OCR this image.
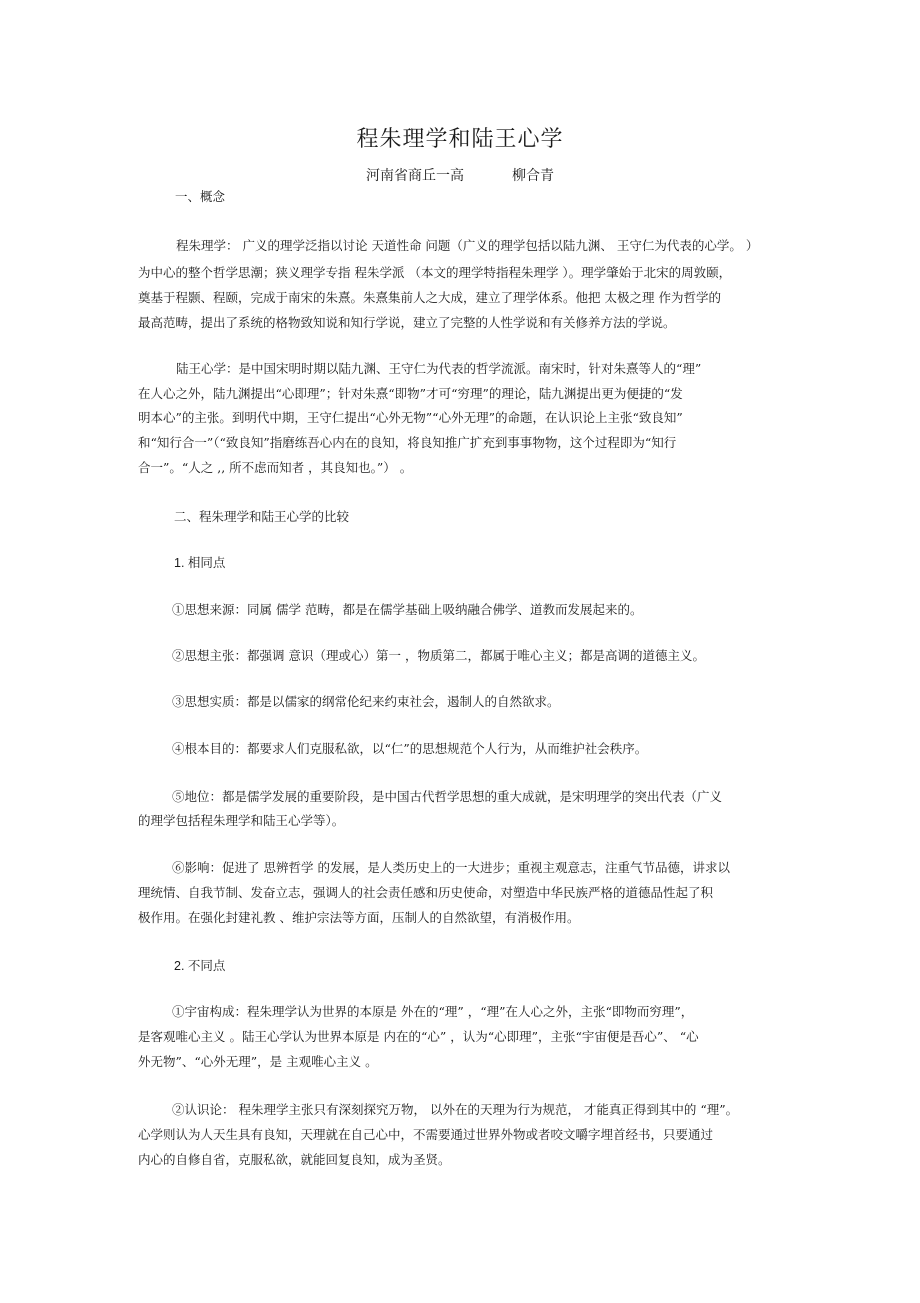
程朱理学和陆王心学
河南省商丘一高	柳合青
一、概念
程朱理学： 广义的理学泛指以讨论 天道性命 问题（广义的理学包括以陆九渊、 王守仁为代表的心学。 ）
为中心的整个哲学思潮；狭义理学专指 程朱学派 （本文的理学特指程朱理学 ）。理学肇始于北宋的周敦颐，
奠基于程颢、程颐，完成于南宋的朱熹。朱熹集前人之大成，建立了理学体系。他把 太极之理 作为哲学的
最高范畴，提出了系统的格物致知说和知行学说，建立了完整的人性学说和有关修养方法的学说。
陆王心学：是中国宋明时期以陆九渊、王守仁为代表的哲学流派。南宋时，针对朱熹等人的“理”
在人心之外，陆九渊提出“心即理”；针对朱熹“即物”才可“穷理”的理论，陆九渊提出更为便捷的“发
明本心”的主张。到明代中期，王守仁提出“心外无物”“心外无理”的命题，在认识论上主张“致良知”
和“知行合一”（“致良知”指磨练吾心内在的良知，将良知推广扩充到事事物物，这个过程即为“知行
合一”。“人之 ,, 所不虑而知者 ，其良知也。”） 。
二、程朱理学和陆王心学的比较
1. 相同点
①思想来源：同属 儒学 范畴，都是在儒学基础上吸纳融合佛学、道教而发展起来的。
②思想主张：都强调 意识（理或心）第一 ，物质第二，都属于唯心主义；都是高调的道德主义。
③思想实质：都是以儒家的纲常伦纪来约束社会，遏制人的自然欲求。
④根本目的：都要求人们克服私欲，以“仁”的思想规范个人行为，从而维护社会秩序。
⑤地位：都是儒学发展的重要阶段，是中国古代哲学思想的重大成就，是宋明理学的突出代表（广义
的理学包括程朱理学和陆王心学等）。
⑥影响：促进了 思辨哲学 的发展，是人类历史上的一大进步；重视主观意志，注重气节品德，讲求以
理统情、自我节制、发奋立志，强调人的社会责任感和历史使命，对塑造中华民族严格的道德品性起了积
极作用。在强化封建礼教 、维护宗法等方面，压制人的自然欲望，有消极作用。
2. 不同点
①宇宙构成：程朱理学认为世界的本原是 外在的“理” ，“理”在人心之外，主张“即物而穷理”，
是客观唯心主义 。陆王心学认为世界本原是 内在的“心” ，认为“心即理”，主张“宇宙便是吾心”、 “心
外无物”、“心外无理”，是 主观唯心主义 。
②认识论： 程朱理学主张只有深刻探究万物， 以外在的天理为行为规范， 才能真正得到其中的 “理”。
心学则认为人天生具有良知，天理就在自己心中，不需要通过世界外物或者咬文嚼字埋首经书，只要通过
内心的自修自省，克服私欲，就能回复良知，成为圣贤。
